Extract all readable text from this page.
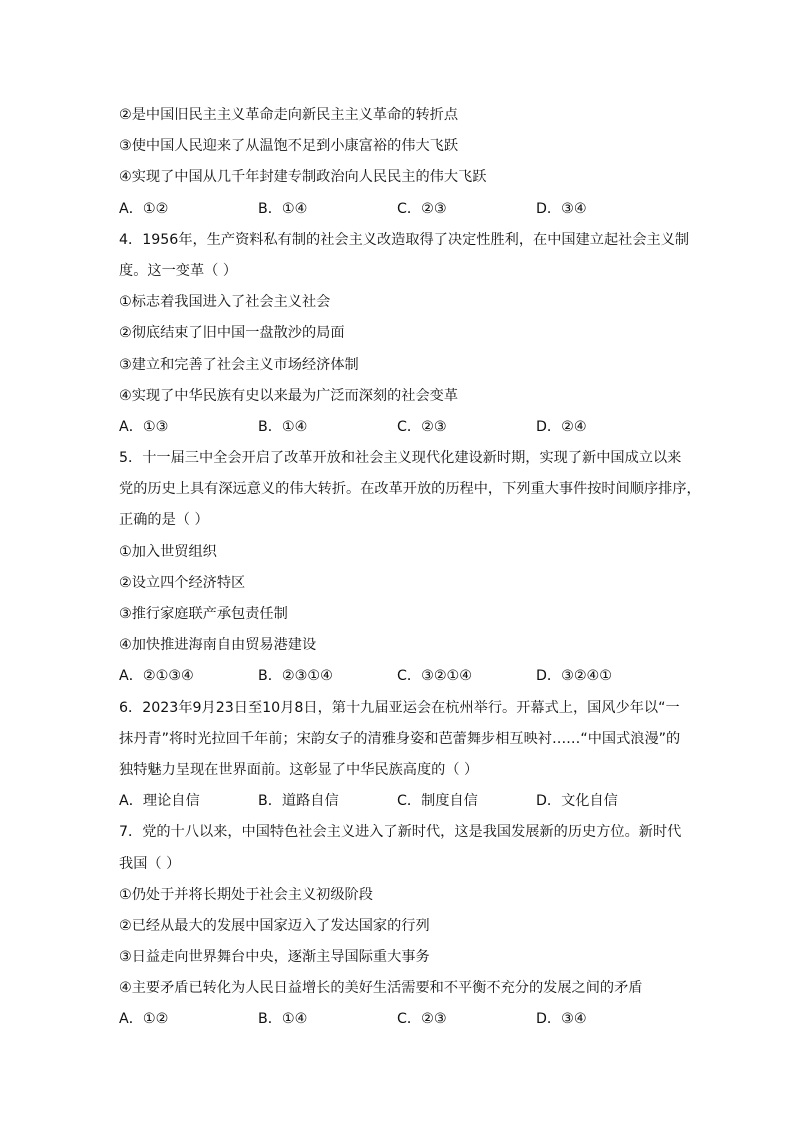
②是中国旧民主主义革命走向新民主主义革命的转折点
③使中国人民迎来了从温饱不足到小康富裕的伟大飞跃
④实现了中国从几千年封建专制政治向人民民主的伟大飞跃
A．①②	B．①④	C．②③	D．③④
4．1956年，生产资料私有制的社会主义改造取得了决定性胜利，在中国建立起社会主义制
度。这一变革（ ）
①标志着我国进入了社会主义社会
②彻底结束了旧中国一盘散沙的局面
③建立和完善了社会主义市场经济体制
④实现了中华民族有史以来最为广泛而深刻的社会变革
A．①③	B．①④	C．②③	D．②④
5．十一届三中全会开启了改革开放和社会主义现代化建设新时期，实现了新中国成立以来
党的历史上具有深远意义的伟大转折。在改革开放的历程中，下列重大事件按时间顺序排序，
正确的是（ ）
①加入世贸组织
②设立四个经济特区
③推行家庭联产承包责任制
④加快推进海南自由贸易港建设
A．②①③④	B．②③①④	C．③②①④	D．③②④①
6．2023年9月23日至10月8日，第十九届亚运会在杭州举行。开幕式上，国风少年以“一
抹丹青”将时光拉回千年前；宋韵女子的清雅身姿和芭蕾舞步相互映衬……“中国式浪漫”的
独特魅力呈现在世界面前。这彰显了中华民族高度的（ ）
A．理论自信	B．道路自信	C．制度自信	D．文化自信
7．党的十八以来，中国特色社会主义进入了新时代，这是我国发展新的历史方位。新时代
我国（ ）
①仍处于并将长期处于社会主义初级阶段
②已经从最大的发展中国家迈入了发达国家的行列
③日益走向世界舞台中央，逐渐主导国际重大事务
④主要矛盾已转化为人民日益增长的美好生活需要和不平衡不充分的发展之间的矛盾
A．①②	B．①④	C．②③	D．③④
